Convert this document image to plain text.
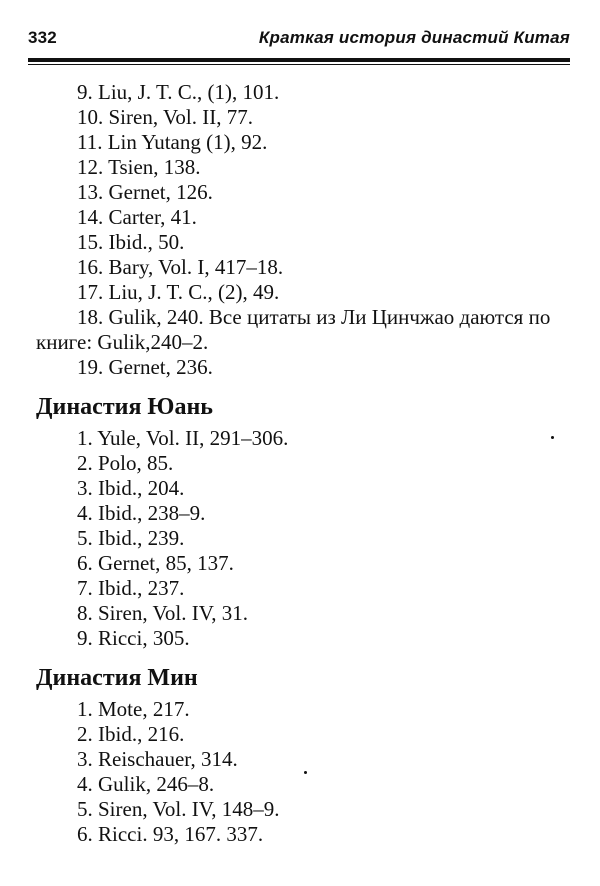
332	Краткая история династий Китая
9. Liu, J. T. C., (1), 101.
10. Siren, Vol. II, 77.
11. Lin Yutang (1), 92.
12. Tsien, 138.
13. Gernet, 126.
14. Carter, 41.
15. Ibid., 50.
16. Bary, Vol. I, 417–18.
17. Liu, J. T. C., (2), 49.
18. Gulik, 240. Все цитаты из Ли Цинчжао даются по книге: Gulik,240–2.
19. Gernet, 236.
Династия Юань
1. Yule, Vol. II, 291–306.
2. Polo, 85.
3. Ibid., 204.
4. Ibid., 238–9.
5. Ibid., 239.
6. Gernet, 85, 137.
7. Ibid., 237.
8. Siren, Vol. IV, 31.
9. Ricci, 305.
Династия Мин
1. Mote, 217.
2. Ibid., 216.
3. Reischauer, 314.
4. Gulik, 246–8.
5. Siren, Vol. IV, 148–9.
6. Ricci. 93, 167. 337.
